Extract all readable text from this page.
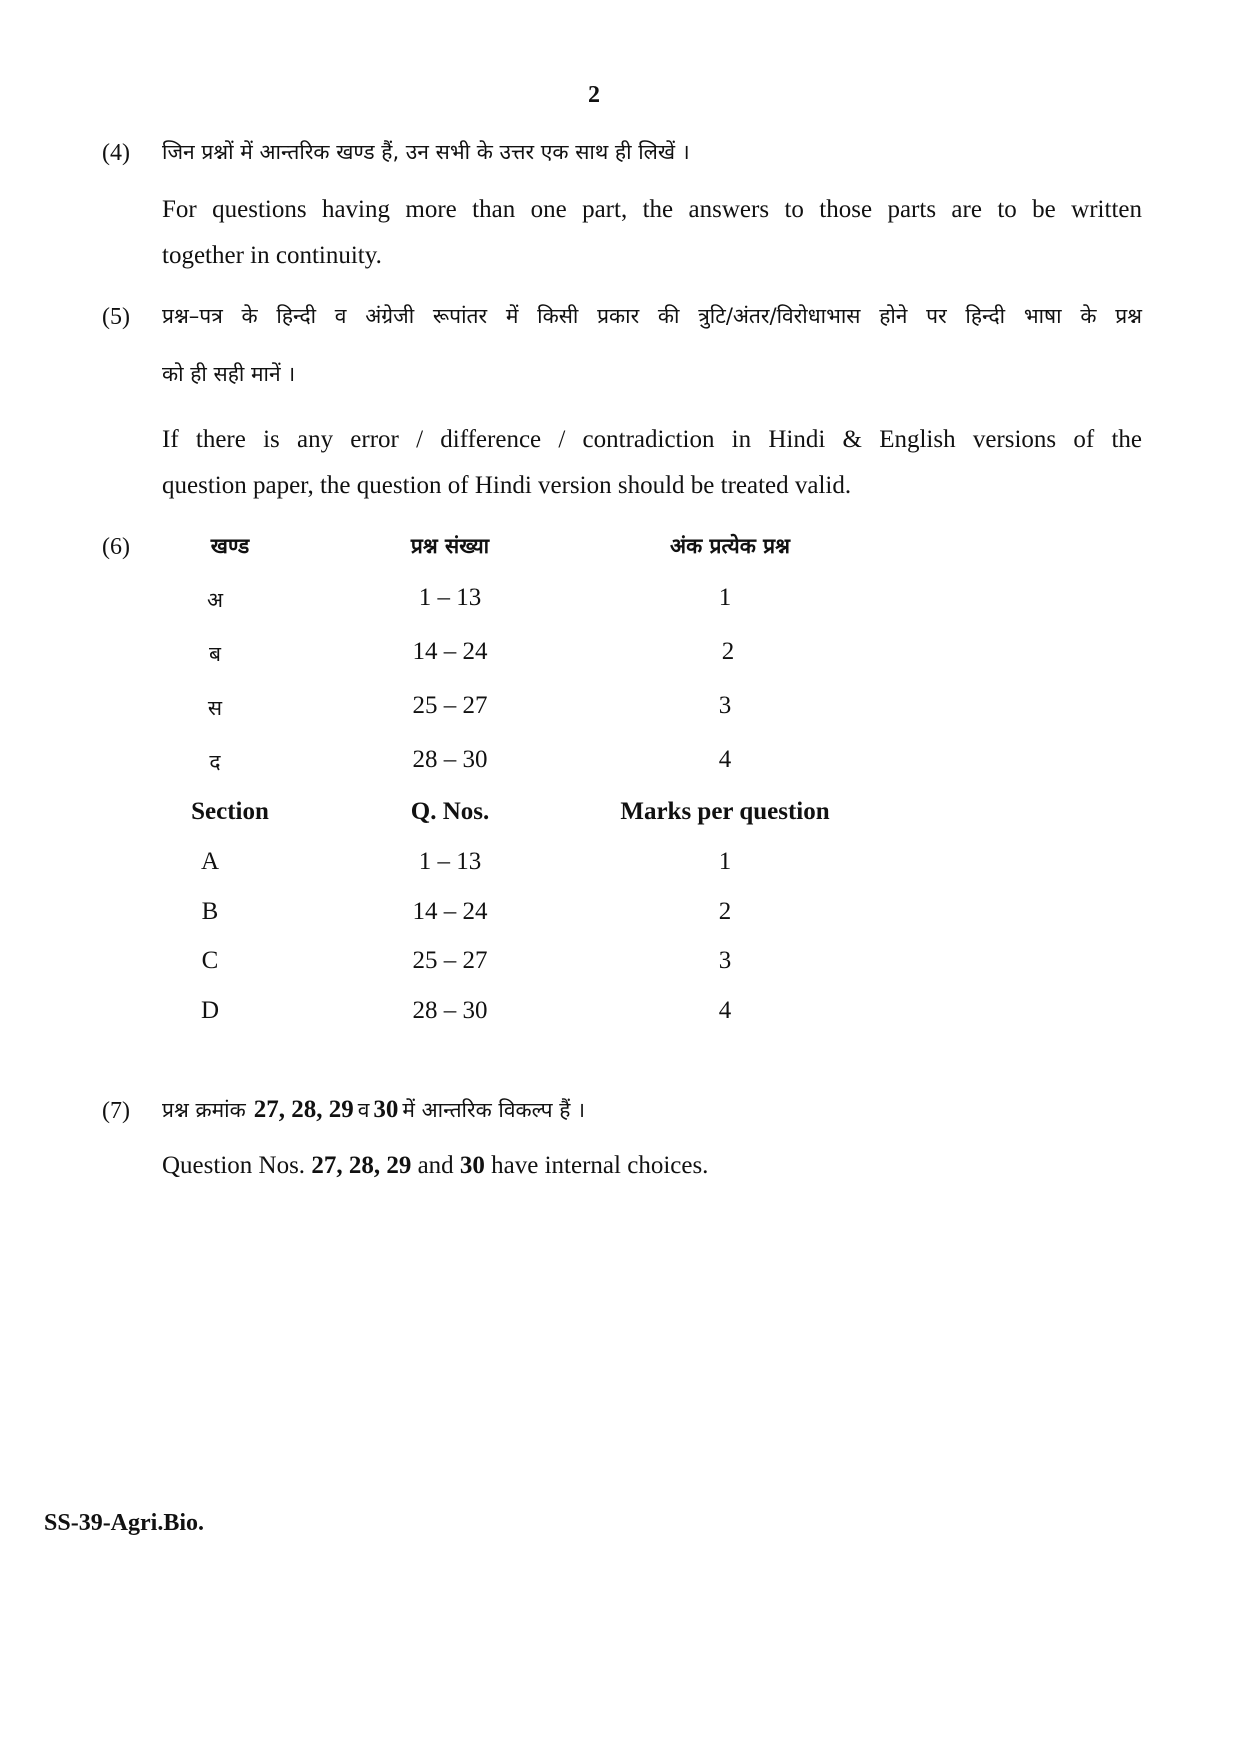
2
(4) जिन प्रश्नों में आन्तरिक खण्ड हैं, उन सभी के उत्तर एक साथ ही लिखें ।
For questions having more than one part, the answers to those parts are to be written
together in continuity.
(5) प्रश्न–पत्र के हिन्दी व अंग्रेजी रूपांतर में किसी प्रकार की त्रुटि/अंतर/विरोधाभास होने पर हिन्दी भाषा के प्रश्न
को ही सही मानें ।
If there is any error / difference / contradiction in Hindi & English versions of the
question paper, the question of Hindi version should be treated valid.
(6)	खण्ड	प्रश्न संख्या	अंक प्रत्येक प्रश्न
अ	1 – 13	1
ब	14 – 24	2
स	25 – 27	3
द	28 – 30	4
Section	Q. Nos.	Marks per question
A	1 – 13	1
B	14 – 24	2
C	25 – 27	3
D	28 – 30	4
(7) प्रश्न क्रमांक 27, 28, 29 व 30 में आन्तरिक विकल्प हैं ।
Question Nos. 27, 28, 29 and 30 have internal choices.
SS-39-Agri.Bio.
